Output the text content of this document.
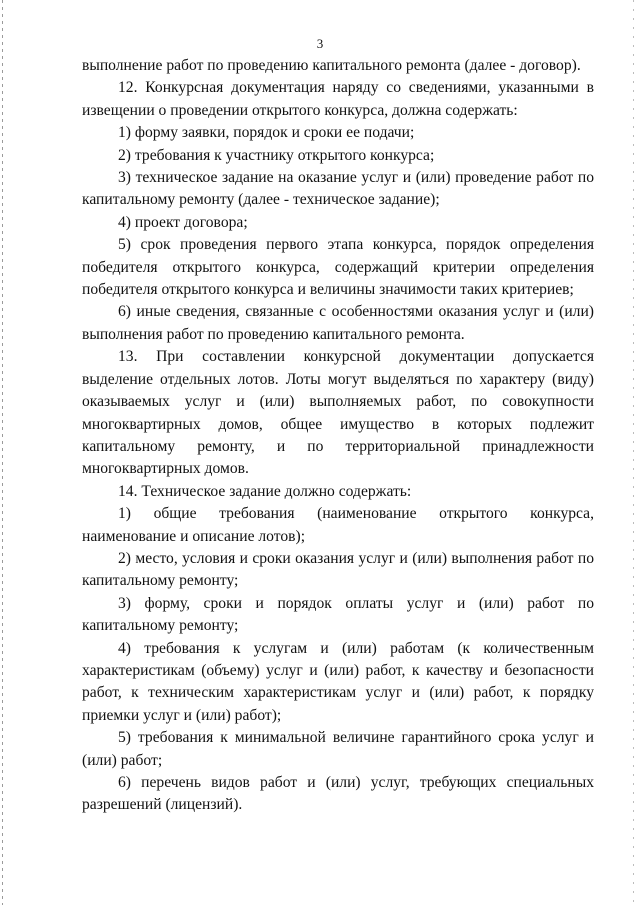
3

выполнение работ по проведению капитального ремонта (далее - договор).

12. Конкурсная документация наряду со сведениями, указанными в извещении о проведении открытого конкурса, должна содержать:

1) форму заявки, порядок и сроки ее подачи;

2) требования к участнику открытого конкурса;

3) техническое задание на оказание услуг и (или) проведение работ по капитальному ремонту (далее - техническое задание);

4) проект договора;

5) срок проведения первого этапа конкурса, порядок определения победителя открытого конкурса, содержащий критерии определения победителя открытого конкурса и величины значимости таких критериев;

6) иные сведения, связанные с особенностями оказания услуг и (или) выполнения работ по проведению капитального ремонта.

13. При составлении конкурсной документации допускается выделение отдельных лотов. Лоты могут выделяться по характеру (виду) оказываемых услуг и (или) выполняемых работ, по совокупности многоквартирных домов, общее имущество в которых подлежит капитальному ремонту, и по территориальной принадлежности многоквартирных домов.

14. Техническое задание должно содержать:

1) общие требования (наименование открытого конкурса, наименование и описание лотов);

2) место, условия и сроки оказания услуг и (или) выполнения работ по капитальному ремонту;

3) форму, сроки и порядок оплаты услуг и (или) работ по капитальному ремонту;

4) требования к услугам и (или) работам (к количественным характеристикам (объему) услуг и (или) работ, к качеству и безопасности работ, к техническим характеристикам услуг и (или) работ, к порядку приемки услуг и (или) работ);

5) требования к минимальной величине гарантийного срока услуг и (или) работ;

6) перечень видов работ и (или) услуг, требующих специальных разрешений (лицензий).
